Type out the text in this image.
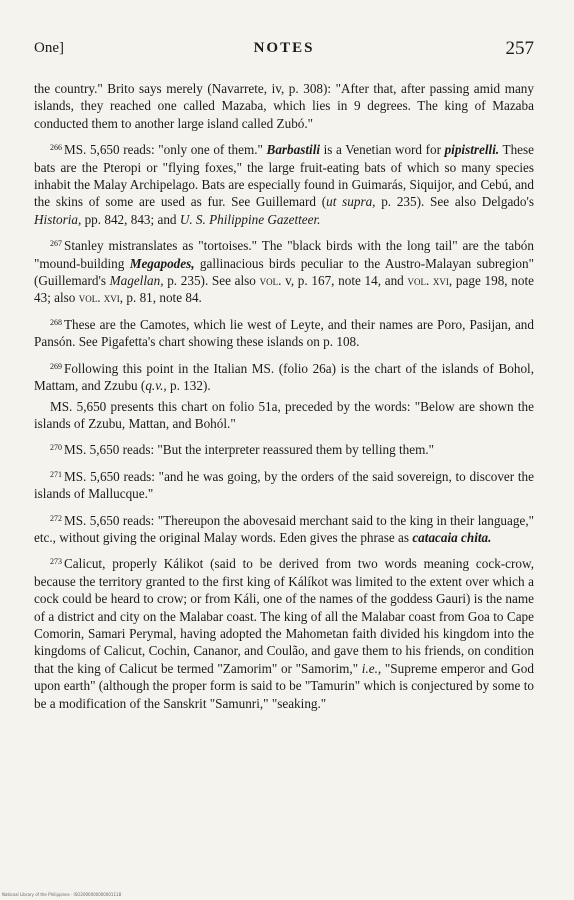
One]	NOTES	257

the country." Brito says merely (Navarrete, iv, p. 308): "After that, after passing amid many islands, they reached one called Mazaba, which lies in 9 degrees. The king of Mazaba conducted them to another large island called Zubó."

$^{266}$ MS. 5,650 reads: "only one of them." Barbastili is a Venetian word for pipistrelli. These bats are the Pteropi or "flying foxes," the large fruit-eating bats of which so many species inhabit the Malay Archipelago. Bats are especially found in Guimarás, Siquijor, and Cebú, and the skins of some are used as fur. See Guillemard (ut supra, p. 235). See also Delgado's Historia, pp. 842, 843; and U. S. Philippine Gazetteer.

$^{267}$ Stanley mistranslates as "tortoises." The "black birds with the long tail" are the tabón "mound-building Megapodes, gallinacious birds peculiar to the Austro-Malayan subregion" (Guillemard's Magellan, p. 235). See also vol. v, p. 167, note 14, and vol. xvi, page 198, note 43; also vol. xvi, p. 81, note 84.

$^{268}$ These are the Camotes, which lie west of Leyte, and their names are Poro, Pasijan, and Pansón. See Pigafetta's chart showing these islands on p. 108.

$^{269}$ Following this point in the Italian MS. (folio 26a) is the chart of the islands of Bohol, Mattam, and Zzubu (q.v., p. 132).

MS. 5,650 presents this chart on folio 51a, preceded by the words: "Below are shown the islands of Zzubu, Mattan, and Bohól."

$^{270}$ MS. 5,650 reads: "But the interpreter reassured them by telling them."

$^{271}$ MS. 5,650 reads: "and he was going, by the orders of the said sovereign, to discover the islands of Mallucque."

$^{272}$ MS. 5,650 reads: "Thereupon the abovesaid merchant said to the king in their language," etc., without giving the original Malay words. Eden gives the phrase as catacaia chita.

$^{273}$ Calicut, properly Kálikot (said to be derived from two words meaning cock-crow, because the territory granted to the first king of Kálíkot was limited to the extent over which a cock could be heard to crow; or from Káli, one of the names of the goddess Gauri) is the name of a district and city on the Malabar coast. The king of all the Malabar coast from Goa to Cape Comorin, Samari Perymal, having adopted the Mahometan faith divided his kingdom into the kingdoms of Calicut, Cochin, Cananor, and Coulão, and gave them to his friends, on condition that the king of Calicut be termed "Zamorim" or "Samorim," i.e., "Supreme emperor and God upon earth" (although the proper form is said to be "Tamurin" which is conjectured by some to be a modification of the Sanskrit "Samunri," "seaking."

National Library of the Philippines · ISO2000000000001118
